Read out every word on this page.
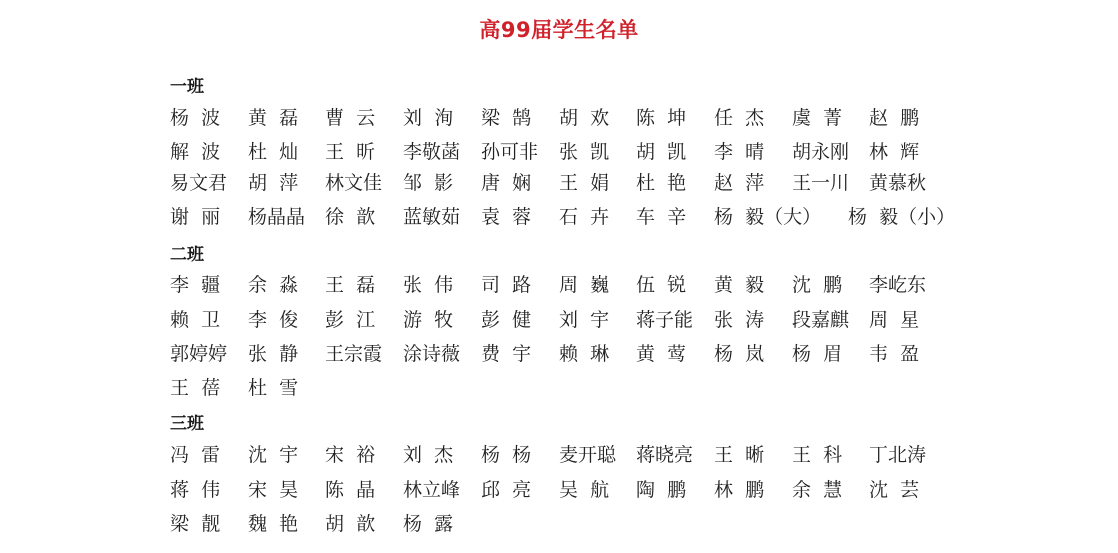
高99届学生名单
一班
杨  波 黄  磊 曹  云 刘  洵 梁  鹄 胡  欢 陈  坤 任  杰 虞  菁 赵  鹏
解  波 杜  灿 王  昕 李敬菡 孙可非 张  凯 胡  凯 李  晴 胡永刚 林  辉
易文君 胡  萍 林文佳 邹  影 唐  娴 王  娟 杜  艳 赵  萍 王一川 黄慕秋
谢  丽 杨晶晶 徐  歆 蓝敏茹 袁  蓉 石  卉 车  辛 杨  毅（大） 杨  毅（小）
二班
李  疆 余  淼 王  磊 张  伟 司  路 周  巍 伍  锐 黄  毅 沈  鹏 李屹东
赖  卫 李  俊 彭  江 游  牧 彭  健 刘  宇 蒋子能 张  涛 段嘉麒 周  星
郭婷婷 张  静 王宗霞 涂诗薇 费  宇 赖  琳 黄  莺 杨  岚 杨  眉 韦  盈
王  蓓 杜  雪
三班
冯  雷 沈  宇 宋  裕 刘  杰 杨  杨 麦开聪 蒋晓亮 王  晰 王  科 丁北涛
蒋  伟 宋  昊 陈  晶 林立峰 邱  亮 吴  航 陶  鹏 林  鹏 余  慧 沈  芸
梁  靓 魏  艳 胡  歆 杨  露
